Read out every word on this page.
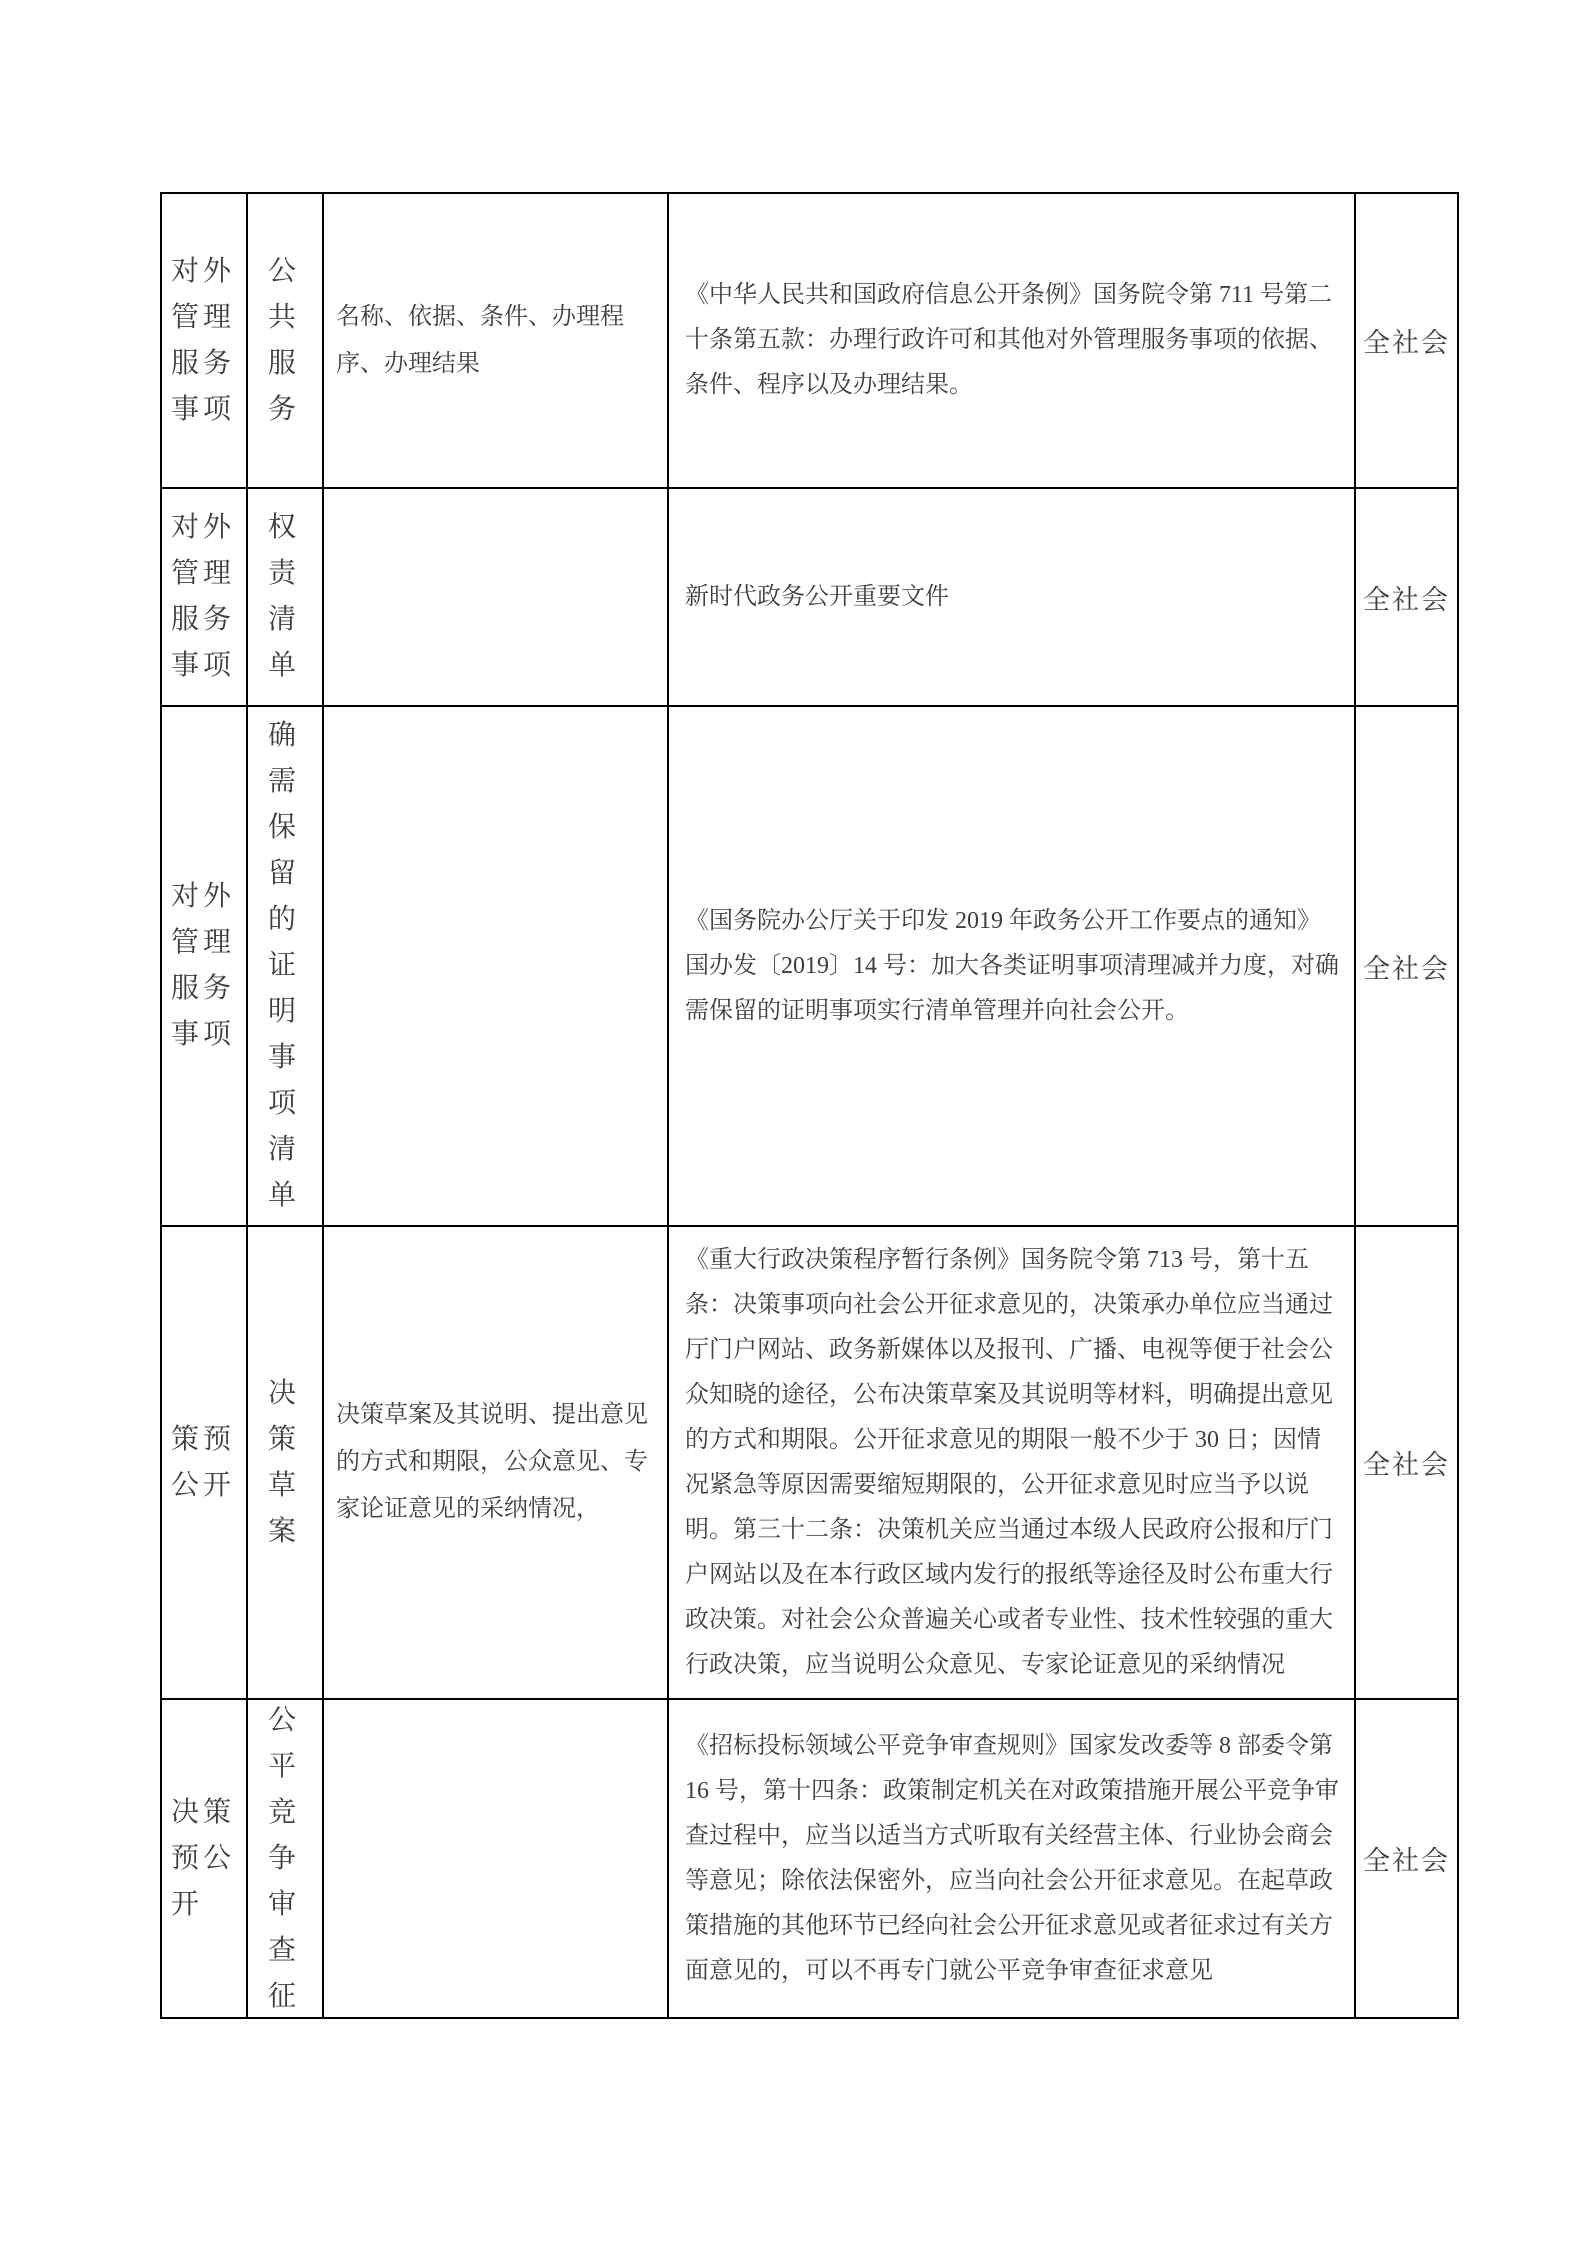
对外管理服务事项
公共服务
名称、依据、条件、办理程序、办理结果
《中华人民共和国政府信息公开条例》国务院令第 711 号第二十条第五款：办理行政许可和其他对外管理服务事项的依据、条件、程序以及办理结果。
全社会
对外管理服务事项
权责清单
新时代政务公开重要文件	全社会
对外管理服务事项
确需保留的证明事项清单
《国务院办公厅关于印发 2019 年政务公开工作要点的通知》国办发〔2019〕14 号：加大各类证明事项清理减并力度，对确需保留的证明事项实行清单管理并向社会公开。
全社会
策预公开
决策草案
决策草案及其说明、提出意见的方式和期限，公众意见、专家论证意见的采纳情况，
《重大行政决策程序暂行条例》国务院令第 713 号，第十五条：决策事项向社会公开征求意见的，决策承办单位应当通过厅门户网站、政务新媒体以及报刊、广播、电视等便于社会公众知晓的途径，公布决策草案及其说明等材料，明确提出意见的方式和期限。公开征求意见的期限一般不少于 30 日；因情况紧急等原因需要缩短期限的，公开征求意见时应当予以说明。第三十二条：决策机关应当通过本级人民政府公报和厅门户网站以及在本行政区域内发行的报纸等途径及时公布重大行政决策。对社会公众普遍关心或者专业性、技术性较强的重大行政决策，应当说明公众意见、专家论证意见的采纳情况
全社会
决策预公开
公平竞争审查征
《招标投标领域公平竞争审查规则》国家发改委等 8 部委令第 16 号，第十四条：政策制定机关在对政策措施开展公平竞争审查过程中，应当以适当方式听取有关经营主体、行业协会商会等意见；除依法保密外，应当向社会公开征求意见。在起草政策措施的其他环节已经向社会公开征求意见或者征求过有关方面意见的，可以不再专门就公平竞争审查征求意见
全社会
